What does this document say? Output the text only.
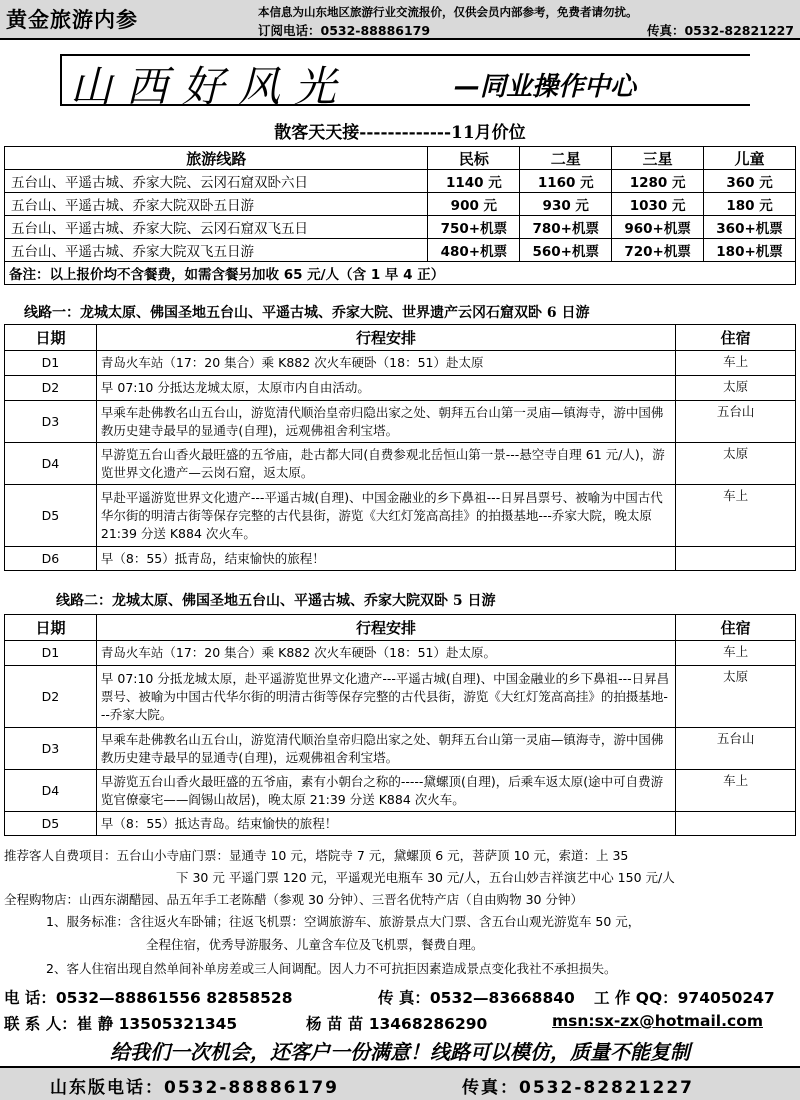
黄金旅游内参	本信息为山东地区旅游行业交流报价，仅供会员内部参考，免费者请勿扰。
订阅电话：0532-88886179	传真：0532-82821227
山西好风光	—同业操作中心
散客天天接-------------11月价位
旅游线路	民标	二星	三星	儿童
五台山、平遥古城、乔家大院、云冈石窟双卧六日	1140 元	1160 元	1280 元	360 元
五台山、平遥古城、乔家大院双卧五日游	900 元	930 元	1030 元	180 元
五台山、平遥古城、乔家大院、云冈石窟双飞五日	750+机票	780+机票	960+机票	360+机票
五台山、平遥古城、乔家大院双飞五日游	480+机票	560+机票	720+机票	180+机票
备注：以上报价均不含餐费，如需含餐另加收 65 元/人（含 1 早 4 正）				
线路一：龙城太原、佛国圣地五台山、平遥古城、乔家大院、世界遗产云冈石窟双卧 6 日游
日期	行程安排	住宿
D1	青岛火车站（17：20 集合）乘 K882 次火车硬卧（18：51）赴太原	车上
D2	早 07:10 分抵达龙城太原，太原市内自由活动。	太原
D3	早乘车赴佛教名山五台山，游览清代顺治皇帝归隐出家之处、朝拜五台山第一灵庙—镇海寺，游中国佛教历史建寺最早的显通寺(自理)，远观佛祖舍利宝塔。	五台山
D4	早游览五台山香火最旺盛的五爷庙，赴古都大同(自费参观北岳恒山第一景---悬空寺自理 61 元/人)，游览世界文化遗产—云岗石窟，返太原。	太原
D5	早赴平遥游览世界文化遗产---平遥古城(自理)、中国金融业的乡下鼻祖---日昇昌票号、被喻为中国古代华尔街的明清古街等保存完整的古代县街，游览《大红灯笼高高挂》的拍摄基地---乔家大院，晚太原 21:39 分送 K884 次火车。	车上
D6	早（8：55）抵青岛，结束愉快的旅程！	
线路二：龙城太原、佛国圣地五台山、平遥古城、乔家大院双卧 5 日游
日期	行程安排	住宿
D1	青岛火车站（17：20 集合）乘 K882 次火车硬卧（18：51）赴太原。	车上
D2	早 07:10 分抵龙城太原，赴平遥游览世界文化遗产---平遥古城(自理)、中国金融业的乡下鼻祖---日昇昌票号、被喻为中国古代华尔街的明清古街等保存完整的古代县街，游览《大红灯笼高高挂》的拍摄基地---乔家大院。	太原
D3	早乘车赴佛教名山五台山，游览清代顺治皇帝归隐出家之处、朝拜五台山第一灵庙—镇海寺，游中国佛教历史建寺最早的显通寺(自理)，远观佛祖舍利宝塔。	五台山
D4	早游览五台山香火最旺盛的五爷庙，素有小朝台之称的-----黛螺顶(自理)，后乘车返太原(途中可自费游览官僚豪宅——阎锡山故居)，晚太原 21:39 分送 K884 次火车。	车上
D5	早（8：55）抵达青岛。结束愉快的旅程！	
推荐客人自费项目：五台山小寺庙门票：显通寺 10 元，塔院寺 7 元，黛螺顶 6 元，菩萨顶 10 元，索道：上 35
下 30 元 平遥门票 120 元，平遥观光电瓶车 30 元/人，五台山妙吉祥演艺中心 150 元/人
全程购物店：山西东湖醋园、品五年手工老陈醋（参观 30 分钟）、三晋名优特产店（自由购物 30 分钟）
1、服务标准：含往返火车卧铺；往返飞机票：空调旅游车、旅游景点大门票、含五台山观光游览车 50 元，
全程住宿，优秀导游服务、儿童含车位及飞机票，餐费自理。
2、客人住宿出现自然单间补单房差或三人间调配。因人力不可抗拒因素造成景点变化我社不承担损失。
电 话：0532—88861556 82858528	传 真：0532—83668840 工 作 QQ：974050247
联 系 人：崔 静 13505321345	杨 苗 苗 13468286290	msn:sx-zx@hotmail.com
给我们一次机会，还客户一份满意！线路可以模仿，质量不能复制
山东版电话：0532-88886179	传真：0532-82821227
